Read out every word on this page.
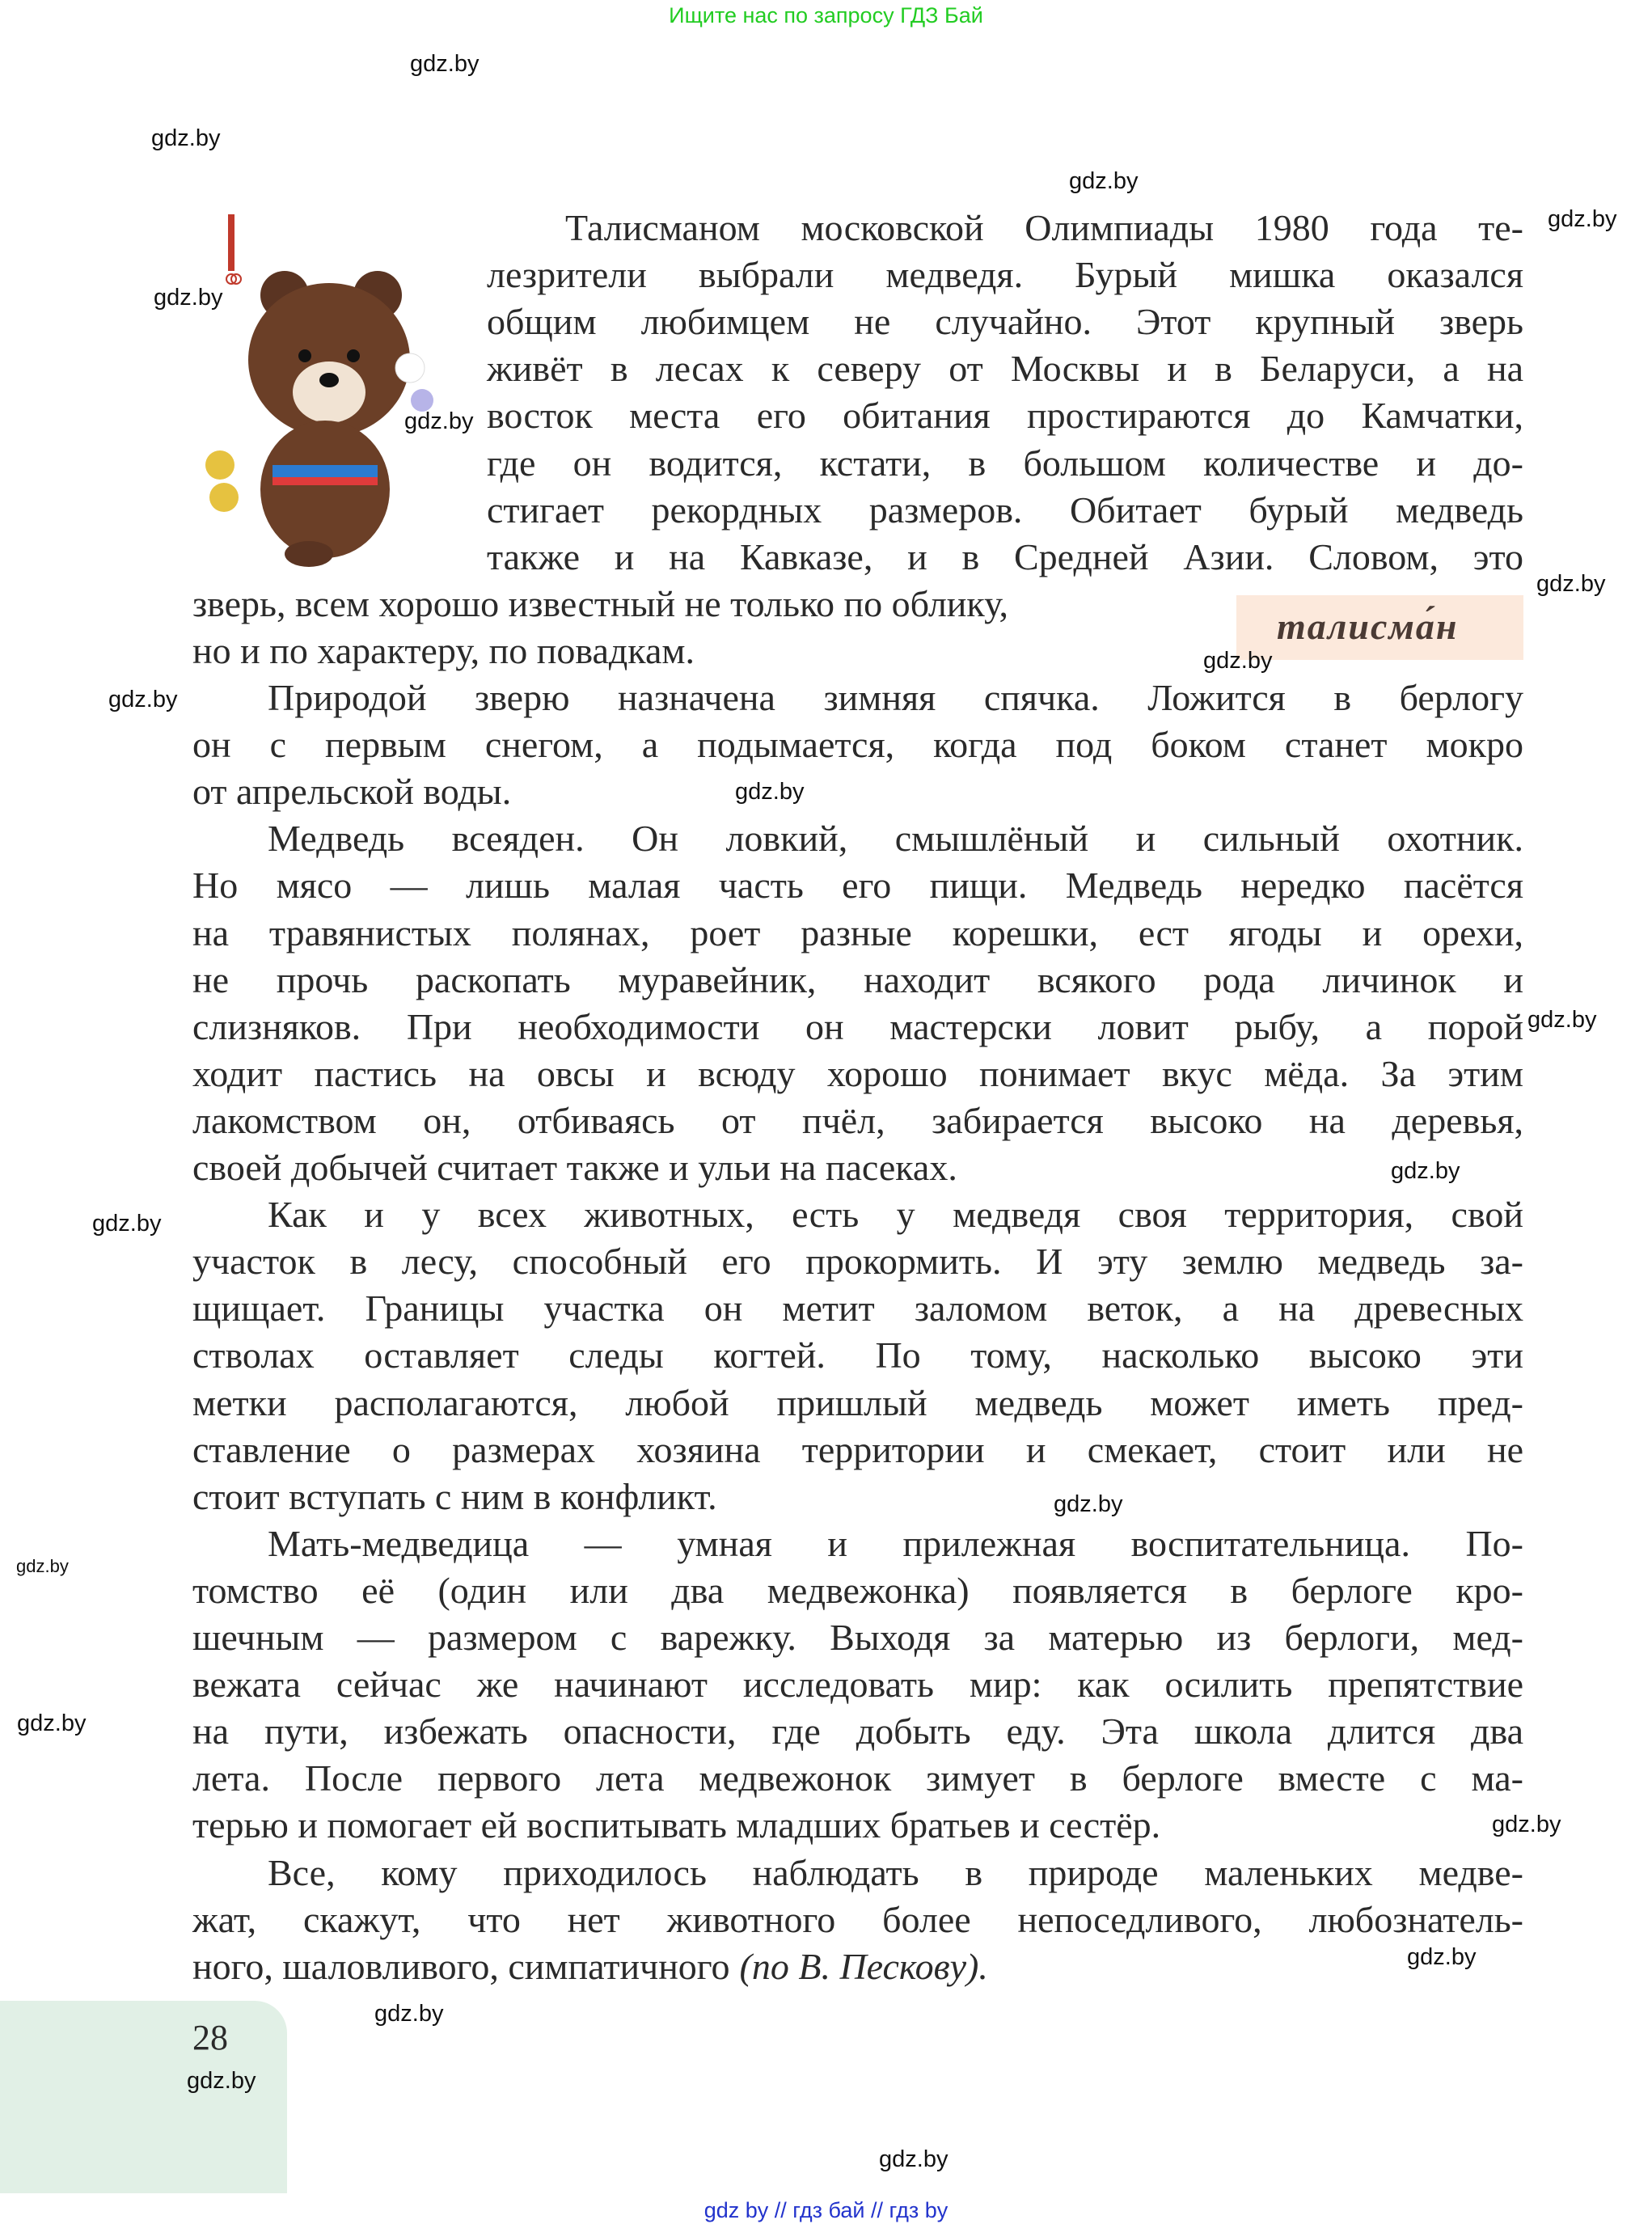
Ищите нас по запросу ГДЗ Бай
Талисманом московской Олимпиады 1980 года те-
лезрители выбрали медведя. Бурый мишка оказался
общим любимцем не случайно. Этот крупный зверь
живёт в лесах к северу от Москвы и в Беларуси, а на
восток места его обитания простираются до Камчатки,
где он водится, кстати, в большом количестве и до-
стигает рекордных размеров. Обитает бурый медведь
также и на Кавказе, и в Средней Азии. Словом, это
зверь, всем хорошо известный не только по облику,
но и по характеру, по повадкам.
Природой зверю назначена зимняя спячка. Ложится в берлогу
он с первым снегом, а подымается, когда под боком станет мокро
от апрельской воды.
Медведь всеяден. Он ловкий, смышлёный и сильный охотник.
Но мясо — лишь малая часть его пищи. Медведь нередко пасётся
на травянистых полянах, роет разные корешки, ест ягоды и орехи,
не прочь раскопать муравейник, находит всякого рода личинок и
слизняков. При необходимости он мастерски ловит рыбу, а порой
ходит пастись на овсы и всюду хорошо понимает вкус мёда. За этим
лакомством он, отбиваясь от пчёл, забирается высоко на деревья,
своей добычей считает также и ульи на пасеках.
Как и у всех животных, есть у медведя своя территория, свой
участок в лесу, способный его прокормить. И эту землю медведь за-
щищает. Границы участка он метит заломом веток, а на древесных
стволах оставляет следы когтей. По тому, насколько высоко эти
метки располагаются, любой пришлый медведь может иметь пред-
ставление о размерах хозяина территории и смекает, стоит или не
стоит вступать с ним в конфликт.
Мать-медведица — умная и прилежная воспитательница. По-
томство её (один или два медвежонка) появляется в берлоге кро-
шечным — размером с варежку. Выходя за матерью из берлоги, мед-
вежата сейчас же начинают исследовать мир: как осилить препятствие
на пути, избежать опасности, где добыть еду. Эта школа длится два
лета. После первого лета медвежонок зимует в берлоге вместе с ма-
терью и помогает ей воспитывать младших братьев и сестёр.
Все, кому приходилось наблюдать в природе маленьких медве-
жат, скажут, что нет животного более непоседливого, любознатель-
ного, шаловливого, симпатичного (по В. Пескову).
талисма́н
28
gdz.by
gdz.by
gdz.by
gdz.by
gdz.by
gdz.by
gdz.by
gdz.by
gdz.by
gdz.by
gdz.by
gdz.by
gdz.by
gdz.by
gdz.by
gdz.by
gdz.by
gdz.by
gdz.by
gdz.by
gdz.by
gdz by // гдз бай // гдз by
